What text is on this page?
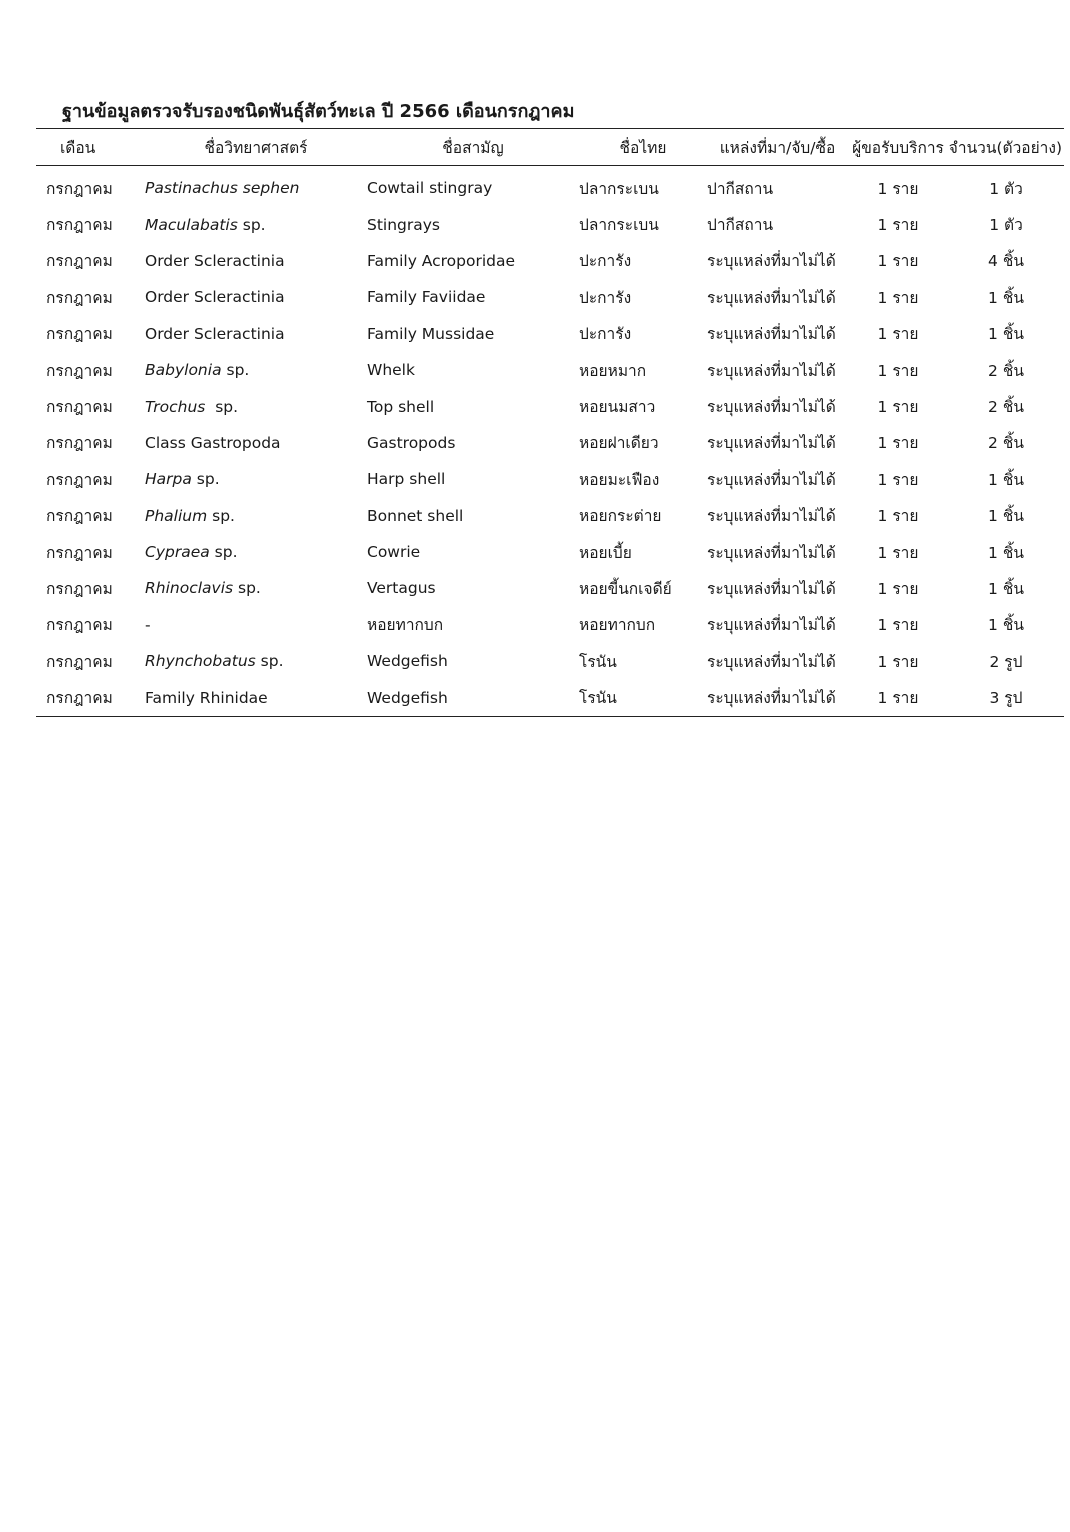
ฐานข้อมูลตรวจรับรองชนิดพันธุ์สัตว์ทะเล ปี 2566 เดือนกรกฎาคม
เดือน	ชื่อวิทยาศาสตร์	ชื่อสามัญ	ชื่อไทย	แหล่งที่มา/จับ/ซื้อ	ผู้ขอรับบริการ	จำนวน(ตัวอย่าง)
กรกฎาคม	Pastinachus sephen	Cowtail stingray	ปลากระเบน	ปากีสถาน	1 ราย	1 ตัว
กรกฎาคม	Maculabatis sp.	Stingrays	ปลากระเบน	ปากีสถาน	1 ราย	1 ตัว
กรกฎาคม	Order Scleractinia	Family Acroporidae	ปะการัง	ระบุแหล่งที่มาไม่ได้	1 ราย	4 ชิ้น
กรกฎาคม	Order Scleractinia	Family Faviidae	ปะการัง	ระบุแหล่งที่มาไม่ได้	1 ราย	1 ชิ้น
กรกฎาคม	Order Scleractinia	Family Mussidae	ปะการัง	ระบุแหล่งที่มาไม่ได้	1 ราย	1 ชิ้น
กรกฎาคม	Babylonia sp.	Whelk	หอยหมาก	ระบุแหล่งที่มาไม่ได้	1 ราย	2 ชิ้น
กรกฎาคม	Trochus  sp.	Top shell	หอยนมสาว	ระบุแหล่งที่มาไม่ได้	1 ราย	2 ชิ้น
กรกฎาคม	Class Gastropoda	Gastropods	หอยฝาเดียว	ระบุแหล่งที่มาไม่ได้	1 ราย	2 ชิ้น
กรกฎาคม	Harpa sp.	Harp shell	หอยมะเฟือง	ระบุแหล่งที่มาไม่ได้	1 ราย	1 ชิ้น
กรกฎาคม	Phalium sp.	Bonnet shell	หอยกระต่าย	ระบุแหล่งที่มาไม่ได้	1 ราย	1 ชิ้น
กรกฎาคม	Cypraea sp.	Cowrie	หอยเบี้ย	ระบุแหล่งที่มาไม่ได้	1 ราย	1 ชิ้น
กรกฎาคม	Rhinoclavis sp.	Vertagus	หอยขี้นกเจดีย์	ระบุแหล่งที่มาไม่ได้	1 ราย	1 ชิ้น
กรกฎาคม	-	หอยทากบก	หอยทากบก	ระบุแหล่งที่มาไม่ได้	1 ราย	1 ชิ้น
กรกฎาคม	Rhynchobatus sp.	Wedgefish	โรนัน	ระบุแหล่งที่มาไม่ได้	1 ราย	2 รูป
กรกฎาคม	Family Rhinidae	Wedgefish	โรนัน	ระบุแหล่งที่มาไม่ได้	1 ราย	3 รูป
